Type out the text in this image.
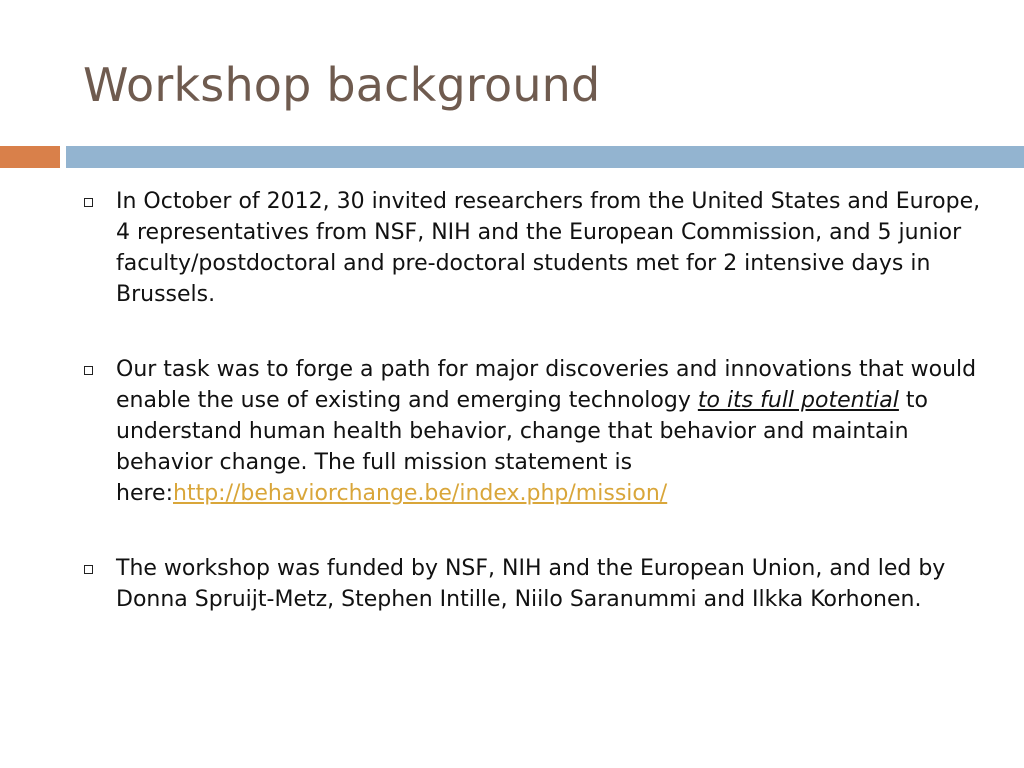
Workshop background
In October of 2012, 30 invited researchers from the United States and Europe, 4 representatives from NSF, NIH and the European Commission, and 5 junior faculty/postdoctoral and pre-doctoral students met for 2 intensive days in Brussels.
Our task was to forge a path for major discoveries and innovations that would enable the use of existing and emerging technology to its full potential to understand human health behavior, change that behavior and maintain behavior change. The full mission statement is here:http://behaviorchange.be/index.php/mission/
The workshop was funded by NSF, NIH and the European Union, and led by Donna Spruijt-Metz, Stephen Intille, Niilo Saranummi and Ilkka Korhonen.
